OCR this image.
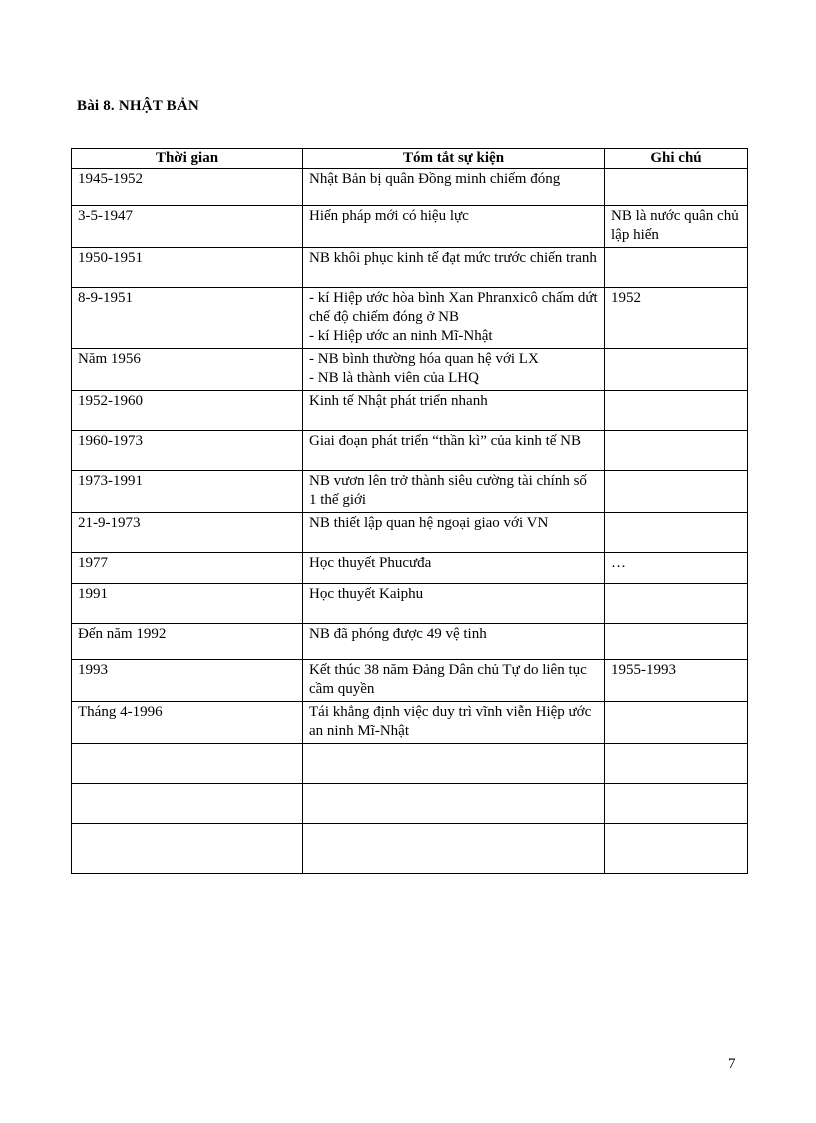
Bài 8. NHẬT BẢN
Thời gian	Tóm tắt sự kiện	Ghi chú
1945-1952	Nhật Bản bị quân Đồng minh chiếm đóng	

3-5-1947	Hiến pháp mới có hiệu lực	NB là nước quân chủ lập hiến

1950-1951	NB khôi phục kinh tế đạt mức trước chiến tranh	

8-9-1951	- kí Hiệp ước hòa bình Xan Phranxicô chấm dứt chế độ chiếm đóng ở NB
- kí Hiệp ước an ninh Mĩ-Nhật	1952

Năm 1956	- NB bình thường hóa quan hệ với LX
- NB là thành viên của LHQ	

1952-1960	Kinh tế Nhật phát triển nhanh	

1960-1973	Giai đoạn phát triển “thần kì” của kinh tế NB	

1973-1991	NB vươn lên trở thành siêu cường tài chính số 1 thế giới	

21-9-1973	NB thiết lập quan hệ ngoại giao với VN	

1977	Học thuyết Phucưđa	…

1991	Học thuyết Kaiphu	

Đến năm 1992	NB đã phóng được 49 vệ tinh	

1993	Kết thúc 38 năm Đảng Dân chủ Tự do liên tục cầm quyền	1955-1993

Tháng 4-1996	Tái khẳng định việc duy trì vĩnh viễn Hiệp ước an ninh Mĩ-Nhật	

7
